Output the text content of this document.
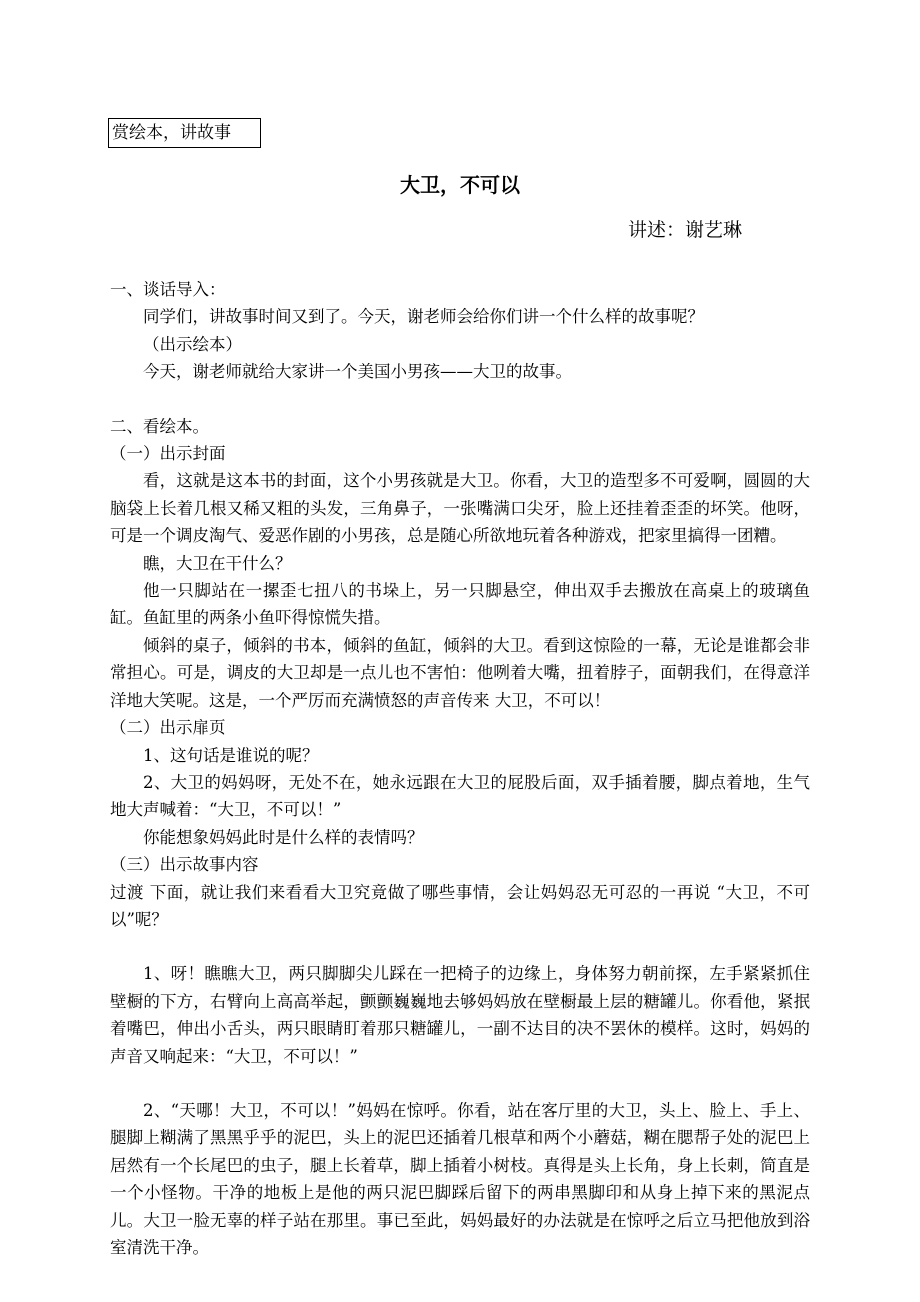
赏绘本，讲故事
大卫，不可以
讲述：谢艺琳

一、谈话导入：

同学们，讲故事时间又到了。今天，谢老师会给你们讲一个什么样的故事呢？

（出示绘本）

今天，谢老师就给大家讲一个美国小男孩——大卫的故事。

二、看绘本。

（一）出示封面

看，这就是这本书的封面，这个小男孩就是大卫。你看，大卫的造型多不可爱啊，圆圆的大脑袋上长着几根又稀又粗的头发，三角鼻子，一张嘴满口尖牙，脸上还挂着歪歪的坏笑。他呀，可是一个调皮淘气、爱恶作剧的小男孩，总是随心所欲地玩着各种游戏，把家里搞得一团糟。

瞧，大卫在干什么？

他一只脚站在一摞歪七扭八的书垛上，另一只脚悬空，伸出双手去搬放在高桌上的玻璃鱼缸。鱼缸里的两条小鱼吓得惊慌失措。

倾斜的桌子，倾斜的书本，倾斜的鱼缸，倾斜的大卫。看到这惊险的一幕，无论是谁都会非常担心。可是，调皮的大卫却是一点儿也不害怕：他咧着大嘴，扭着脖子，面朝我们，在得意洋洋地大笑呢。这是，一个严厉而充满愤怒的声音传来 大卫，不可以！

（二）出示扉页

1、这句话是谁说的呢？

2、大卫的妈妈呀，无处不在，她永远跟在大卫的屁股后面，双手插着腰，脚点着地，生气地大声喊着：“大卫，不可以！”

你能想象妈妈此时是什么样的表情吗？

（三）出示故事内容

过渡 下面，就让我们来看看大卫究竟做了哪些事情，会让妈妈忍无可忍的一再说 “大卫，不可以”呢？

1、呀！瞧瞧大卫，两只脚脚尖儿踩在一把椅子的边缘上，身体努力朝前探，左手紧紧抓住壁橱的下方，右臂向上高高举起，颤颤巍巍地去够妈妈放在壁橱最上层的糖罐儿。你看他，紧抿着嘴巴，伸出小舌头，两只眼睛盯着那只糖罐儿，一副不达目的决不罢休的模样。这时，妈妈的声音又响起来：“大卫，不可以！”

2、“天哪！大卫，不可以！”妈妈在惊呼。你看，站在客厅里的大卫，头上、脸上、手上、腿脚上糊满了黑黑乎乎的泥巴，头上的泥巴还插着几根草和两个小蘑菇，糊在腮帮子处的泥巴上居然有一个长尾巴的虫子，腿上长着草，脚上插着小树枝。真得是头上长角，身上长刺，简直是一个小怪物。干净的地板上是他的两只泥巴脚踩后留下的两串黑脚印和从身上掉下来的黑泥点儿。大卫一脸无辜的样子站在那里。事已至此，妈妈最好的办法就是在惊呼之后立马把他放到浴室清洗干净。
